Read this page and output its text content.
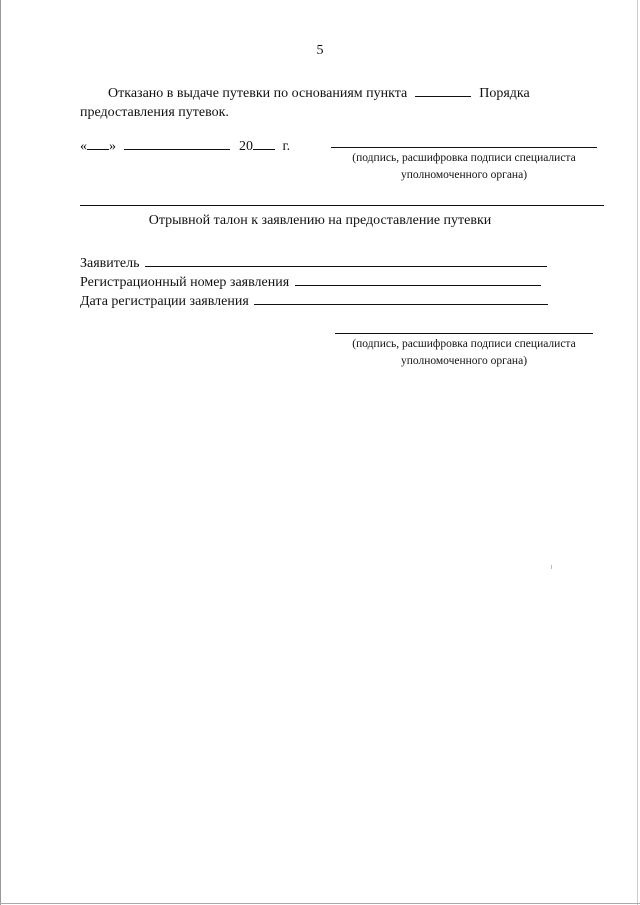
5
Отказано в выдаче путевки по основаниям пункта	Порядка
предоставления путевок.
« »	20 г.
(подпись, расшифровка подписи специалиста уполномоченного органа)
Отрывной талон к заявлению на предоставление путевки
Заявитель
Регистрационный номер заявления
Дата регистрации заявления
(подпись, расшифровка подписи специалиста уполномоченного органа)
